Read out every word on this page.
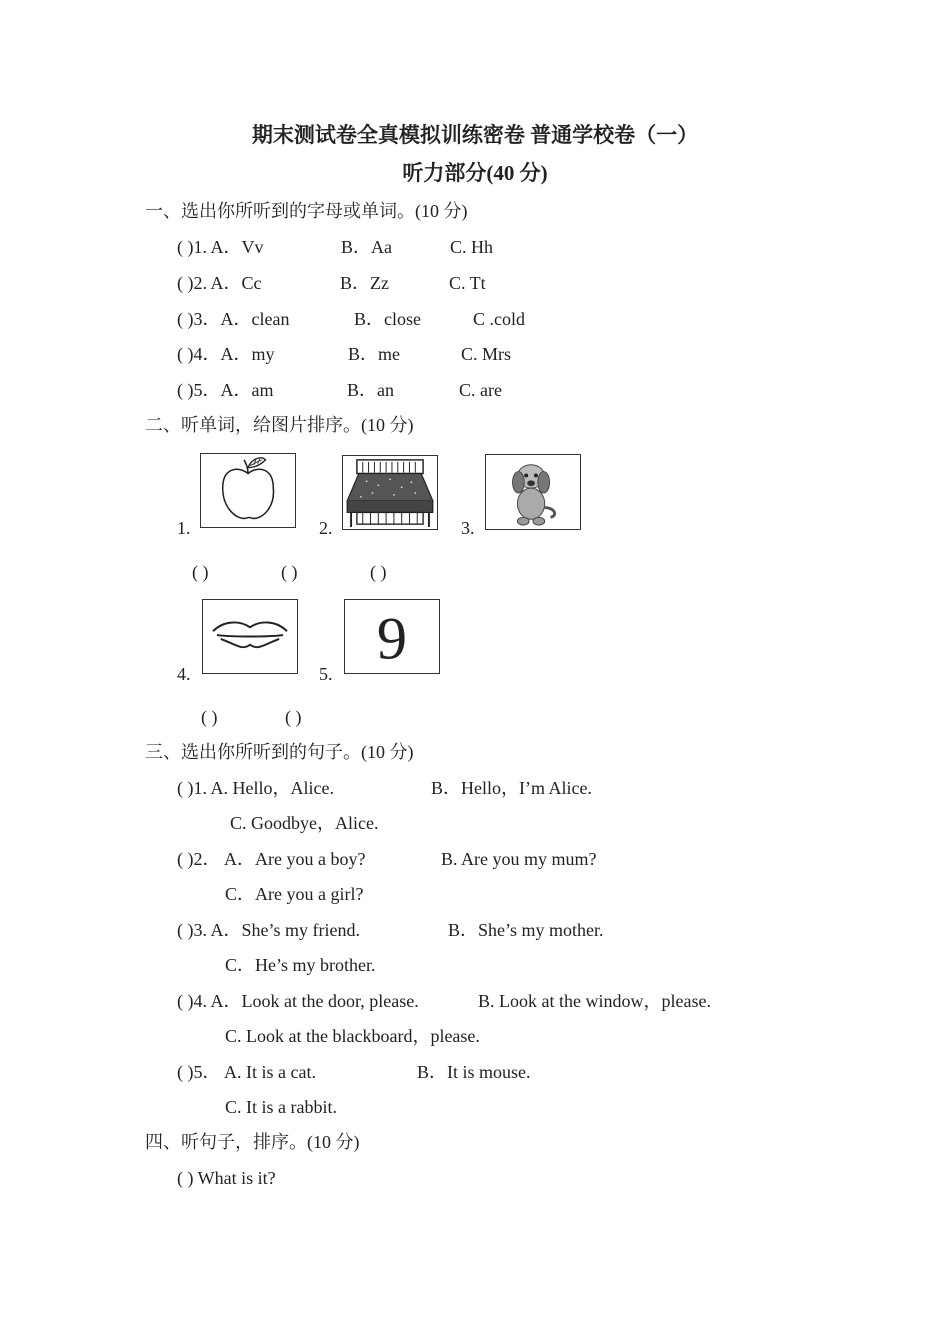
期末测试卷全真模拟训练密卷 普通学校卷（一）
听力部分(40 分)
一、选出你所听到的字母或单词。(10 分)
( )1. A．Vv	B．Aa	C. Hh
( )2. A．Cc	B．Zz	C. Tt
( )3．A．clean	B．close	C .cold
( )4．A．my	B．me	C. Mrs
( )5．A．am	B．an	C. are
二、听单词，给图片排序。(10 分)
1.	2.	3.
( )	( )	( )
4.	5.
9
( )	( )
三、选出你所听到的句子。(10 分)
( )1. A. Hello，Alice.	B．Hello，I’m Alice.
C. Goodbye，Alice.
( )2． A．Are you a boy?	B. Are you my mum?
C．Are you a girl?
( )3. A．She’s my friend.	B．She’s my mother.
C．He’s my brother.
( )4. A．Look at the door, please.	B. Look at the window，please.
C. Look at the blackboard，please.
( )5． A. It is a cat.	B．It is mouse.
C. It is a rabbit.
四、听句子，排序。(10 分)
( ) What is it?
